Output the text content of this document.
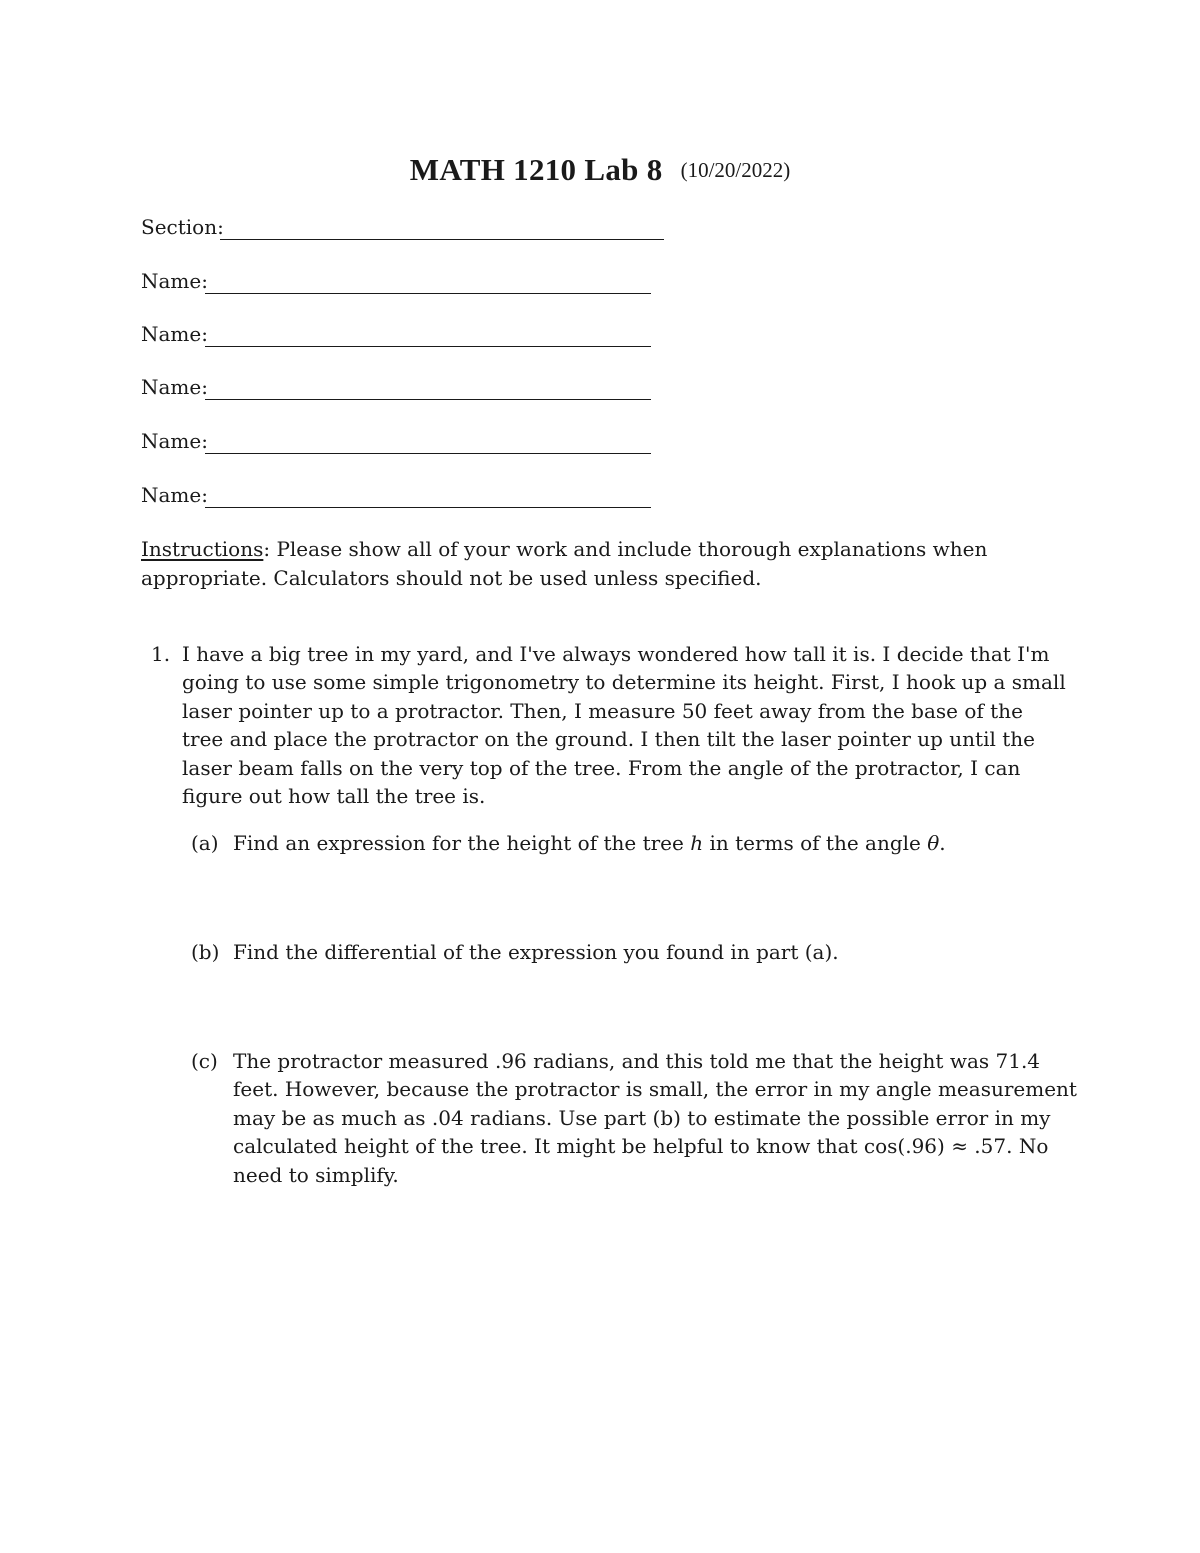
MATH 1210 Lab 8 (10/20/2022)
Section:
Name:
Name:
Name:
Name:
Name:
Instructions: Please show all of your work and include thorough explanations when
appropriate. Calculators should not be used unless specified.
1. I have a big tree in my yard, and I've always wondered how tall it is. I decide that I'm
going to use some simple trigonometry to determine its height. First, I hook up a small
laser pointer up to a protractor. Then, I measure 50 feet away from the base of the
tree and place the protractor on the ground. I then tilt the laser pointer up until the
laser beam falls on the very top of the tree. From the angle of the protractor, I can
figure out how tall the tree is.
(a) Find an expression for the height of the tree h in terms of the angle θ.
(b) Find the differential of the expression you found in part (a).
(c) The protractor measured .96 radians, and this told me that the height was 71.4
feet. However, because the protractor is small, the error in my angle measurement
may be as much as .04 radians. Use part (b) to estimate the possible error in my
calculated height of the tree. It might be helpful to know that cos(.96) ≈ .57. No
need to simplify.
